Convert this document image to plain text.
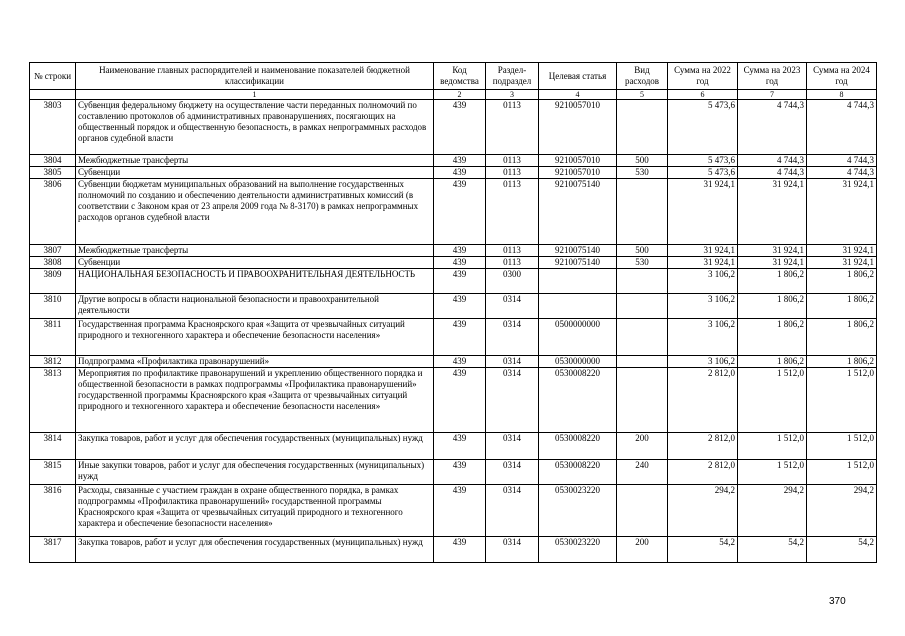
№ строки	Наименование главных распорядителей и наименование показателей бюджетной классификации	Код ведомства	Раздел-подраздел	Целевая статья	Вид расходов	Сумма на 2022 год	Сумма на 2023 год	Сумма на 2024 год
	1	2	3	4	5	6	7	8
3803	Субвенция федеральному бюджету на осуществление части переданных полномочий по составлению протоколов об административных правонарушениях, посягающих на общественный порядок и общественную безопасность, в рамках непрограммных расходов органов судебной власти	439	0113	9210057010		5 473,6	4 744,3	4 744,3
3804	Межбюджетные трансферты	439	0113	9210057010	500	5 473,6	4 744,3	4 744,3
3805	Субвенции	439	0113	9210057010	530	5 473,6	4 744,3	4 744,3
3806	Субвенции бюджетам муниципальных образований на выполнение государственных полномочий по созданию и обеспечению деятельности административных комиссий (в соответствии с Законом края от 23 апреля 2009 года № 8-3170) в рамках непрограммных расходов органов судебной власти	439	0113	9210075140		31 924,1	31 924,1	31 924,1
3807	Межбюджетные трансферты	439	0113	9210075140	500	31 924,1	31 924,1	31 924,1
3808	Субвенции	439	0113	9210075140	530	31 924,1	31 924,1	31 924,1
3809	НАЦИОНАЛЬНАЯ БЕЗОПАСНОСТЬ И ПРАВООХРАНИТЕЛЬНАЯ ДЕЯТЕЛЬНОСТЬ	439	0300			3 106,2	1 806,2	1 806,2
3810	Другие вопросы в области национальной безопасности и правоохранительной деятельности	439	0314			3 106,2	1 806,2	1 806,2
3811	Государственная программа Красноярского края «Защита от чрезвычайных ситуаций природного и техногенного характера и обеспечение безопасности населения»	439	0314	0500000000		3 106,2	1 806,2	1 806,2
3812	Подпрограмма «Профилактика правонарушений»	439	0314	0530000000		3 106,2	1 806,2	1 806,2
3813	Мероприятия по профилактике правонарушений и укреплению общественного порядка и общественной безопасности в рамках подпрограммы «Профилактика правонарушений» государственной программы Красноярского края «Защита от чрезвычайных ситуаций природного и техногенного характера и обеспечение безопасности населения»	439	0314	0530008220		2 812,0	1 512,0	1 512,0
3814	Закупка товаров, работ и услуг для обеспечения государственных (муниципальных) нужд	439	0314	0530008220	200	2 812,0	1 512,0	1 512,0
3815	Иные закупки товаров, работ и услуг для обеспечения государственных (муниципальных) нужд	439	0314	0530008220	240	2 812,0	1 512,0	1 512,0
3816	Расходы, связанные с участием граждан в охране общественного порядка, в рамках подпрограммы «Профилактика правонарушений» государственной программы Красноярского края «Защита от чрезвычайных ситуаций природного и техногенного характера и обеспечение безопасности населения»	439	0314	0530023220		294,2	294,2	294,2
3817	Закупка товаров, работ и услуг для обеспечения государственных (муниципальных) нужд	439	0314	0530023220	200	54,2	54,2	54,2
370
